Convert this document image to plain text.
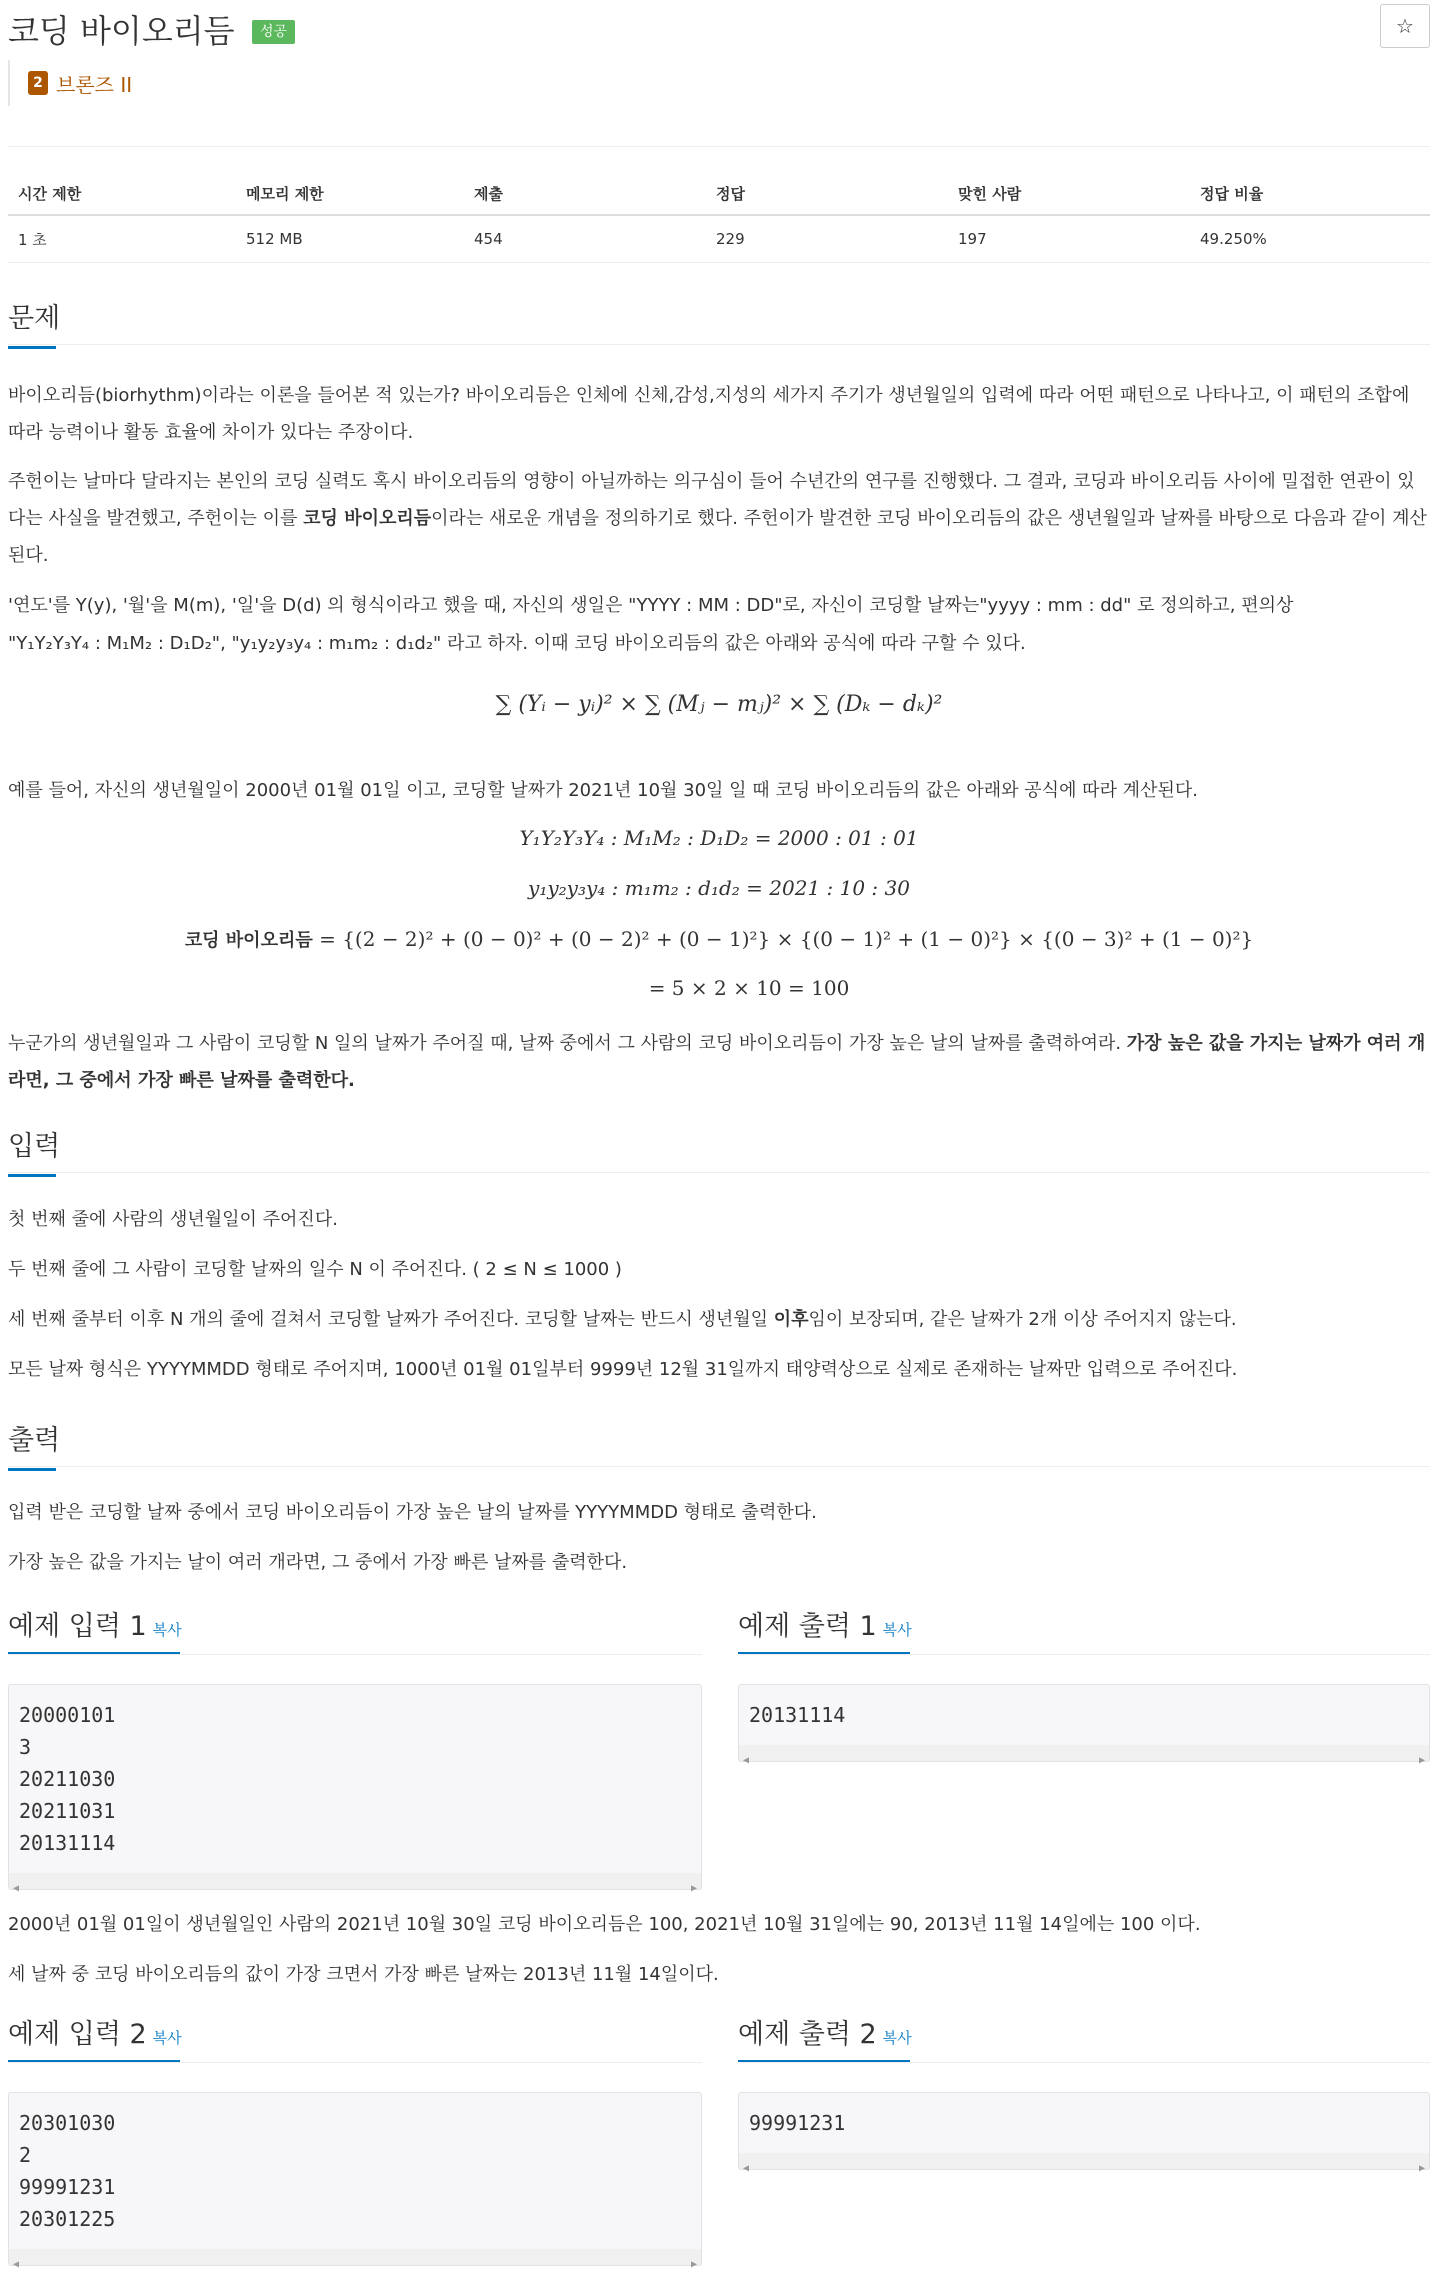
코딩 바이오리듬	성공	☆
2 브론즈 II
시간 제한	메모리 제한	제출	정답	맞힌 사람	정답 비율
1 초	512 MB	454	229	197	49.250%
문제
바이오리듬(biorhythm)이라는 이론을 들어본 적 있는가? 바이오리듬은 인체에 신체,감성,지성의 세가지 주기가 생년월일의 입력에 따라 어떤 패턴으로 나타나고, 이 패턴의 조합에 따라 능력이나 활동 효율에 차이가 있다는 주장이다.
주헌이는 날마다 달라지는 본인의 코딩 실력도 혹시 바이오리듬의 영향이 아닐까하는 의구심이 들어 수년간의 연구를 진행했다. 그 결과, 코딩과 바이오리듬 사이에 밀접한 연관이 있다는 사실을 발견했고, 주헌이는 이를 코딩 바이오리듬이라는 새로운 개념을 정의하기로 했다. 주헌이가 발견한 코딩 바이오리듬의 값은 생년월일과 날짜를 바탕으로 다음과 같이 계산된다.
'연도'를 Y(y), '월'을 M(m), '일'을 D(d) 의 형식이라고 했을 때, 자신의 생일은 "YYYY : MM : DD"로, 자신이 코딩할 날짜는"yyyy : mm : dd" 로 정의하고, 편의상
"Y₁Y₂Y₃Y₄ : M₁M₂ : D₁D₂", "y₁y₂y₃y₄ : m₁m₂ : d₁d₂" 라고 하자. 이때 코딩 바이오리듬의 값은 아래와 공식에 따라 구할 수 있다.
∑ (Yᵢ − yᵢ)² × ∑ (Mⱼ − mⱼ)² × ∑ (Dₖ − dₖ)²
예를 들어, 자신의 생년월일이 2000년 01월 01일 이고, 코딩할 날짜가 2021년 10월 30일 일 때 코딩 바이오리듬의 값은 아래와 공식에 따라 계산된다.
Y₁Y₂Y₃Y₄ : M₁M₂ : D₁D₂ = 2000 : 01 : 01
y₁y₂y₃y₄ : m₁m₂ : d₁d₂ = 2021 : 10 : 30
코딩 바이오리듬 = {(2 − 2)² + (0 − 0)² + (0 − 2)² + (0 − 1)²} × {(0 − 1)² + (1 − 0)²} × {(0 − 3)² + (1 − 0)²}
= 5 × 2 × 10 = 100
누군가의 생년월일과 그 사람이 코딩할 N 일의 날짜가 주어질 때, 날짜 중에서 그 사람의 코딩 바이오리듬이 가장 높은 날의 날짜를 출력하여라. 가장 높은 값을 가지는 날짜가 여러 개라면, 그 중에서 가장 빠른 날짜를 출력한다.
입력
첫 번째 줄에 사람의 생년월일이 주어진다.
두 번째 줄에 그 사람이 코딩할 날짜의 일수 N 이 주어진다. ( 2 ≤ N ≤ 1000 )
세 번째 줄부터 이후 N 개의 줄에 걸쳐서 코딩할 날짜가 주어진다. 코딩할 날짜는 반드시 생년월일 이후임이 보장되며, 같은 날짜가 2개 이상 주어지지 않는다.
모든 날짜 형식은 YYYYMMDD 형태로 주어지며, 1000년 01월 01일부터 9999년 12월 31일까지 태양력상으로 실제로 존재하는 날짜만 입력으로 주어진다.
출력
입력 받은 코딩할 날짜 중에서 코딩 바이오리듬이 가장 높은 날의 날짜를 YYYYMMDD 형태로 출력한다.
가장 높은 값을 가지는 날이 여러 개라면, 그 중에서 가장 빠른 날짜를 출력한다.
예제 입력 1 복사	예제 출력 1 복사
20000101
3
20211030
20211031
20131114
◀	▶
20131114
◀	▶
2000년 01월 01일이 생년월일인 사람의 2021년 10월 30일 코딩 바이오리듬은 100, 2021년 10월 31일에는 90, 2013년 11월 14일에는 100 이다.
세 날짜 중 코딩 바이오리듬의 값이 가장 크면서 가장 빠른 날짜는 2013년 11월 14일이다.
예제 입력 2 복사	예제 출력 2 복사
20301030
2
99991231
20301225
◀	▶
99991231
◀	▶
